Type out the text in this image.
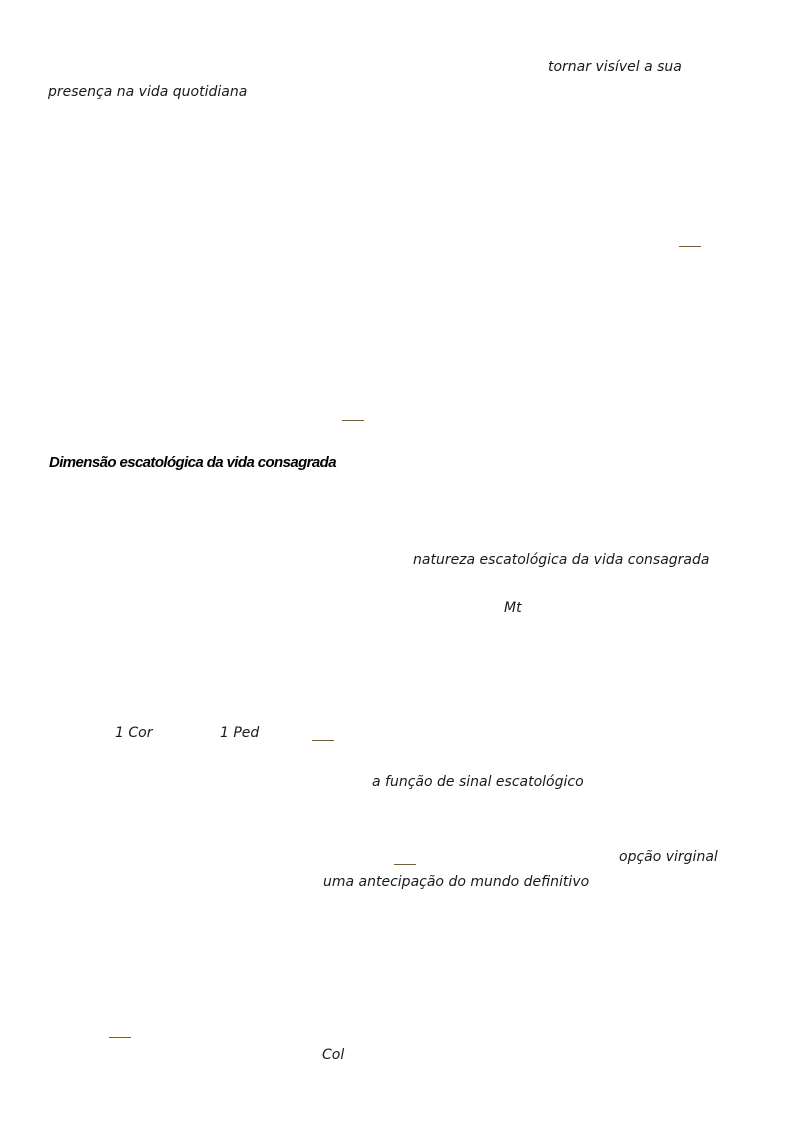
tornar visível a sua
presença na vida quotidiana
Dimensão escatológica da vida consagrada
natureza escatológica da vida consagrada
Mt
1 Cor	1 Ped
a função de sinal escatológico
opção virginal
uma antecipação do mundo definitivo
Col
